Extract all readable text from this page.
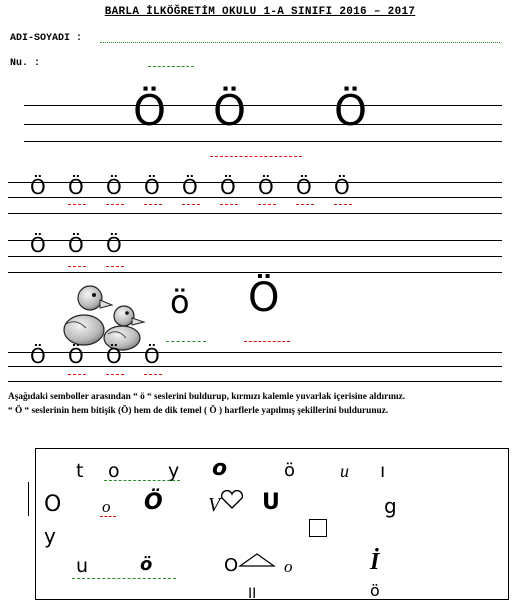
BARLA İLKÖĞRETİM OKULU 1-A SINIFI 2016 – 2017
ADI-SOYADI :
Nu. :
Ö Ö Ö
Ö Ö Ö Ö Ö Ö Ö Ö Ö
Ö Ö Ö
ö Ö
Ö Ö Ö Ö
Aşağıdaki semboller arasından “ ö “ seslerini buldurup, kırmızı kalemle yuvarlak içerisine aldırınız.
“ Ö “ seslerinin hem bitişik (Ö) hem de dik temel ( Ö ) harflerle yapılmış şekillerini buldurunuz.
t o	y o	ö u ı
O o Ö V U	g
y
u	ö	O	o	İ
II	ö
